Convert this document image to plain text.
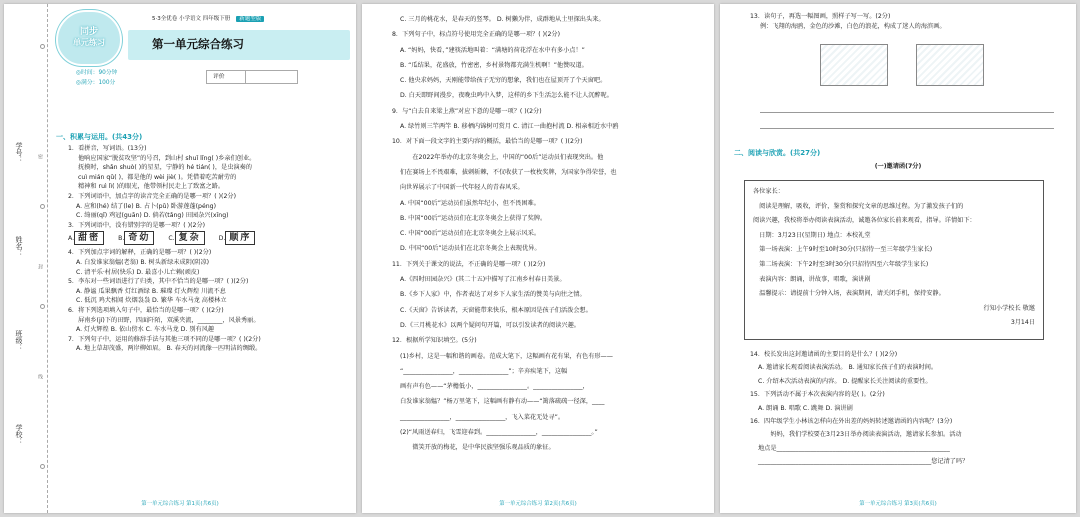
学号：
姓名：
班级：
学校：
密
封
线
同步
单元练习
5·3全优卷 小学语文 四年级下册 新题型版
第一单元综合练习
◎时间：90分钟
◎满分：100分
评价
一、积累与运用。(共43分)
1．看拼音，写词语。(13分)
他响应国家“脱贫攻坚”的号召，到山村 shuǐ lǐng( )乡亲们创业。
抚摸时，shǎn shuò( )的星星，宁静的 hé tián( )，是虫演奏的
cuì mián qǔ( )，都是他的 wèi jiè( )。凭借着吃苦耐劳的
精神和 ruì lì( )的眼光，他带领村民走上了致富之路。
2．下列词语中，加点字的读音完全正确的是哪一项？( )(2分)
A. 应和(hé) 结了(le) B. 占卜(pǔ) 卧游莲蓬(péng)
C. 绮丽(qǐ) 鸡冠(guān) D. 倘若(tǎng) 田园杂兴(xīng)
3．下列词语中，没有错别字的是哪一项？( )(2分)
A. 甜密	B. 奇幼	C. 复杂	D. 顺序
4．下列加点字词的解释，正确的是哪一项？( )(2分)
A. 白发谁家翁媪(老翁) B. 树头新绿未成阴(阴凉)
C. 清平乐·村居(快乐) D. 最喜小儿亡赖(顽皮)
5．李东对一些词语进行了归类，其中不恰当的是哪一项？( )(2分)
A. 静谧 瓜果飘香 灯红酒绿 B. 璀璨 灯火辉煌 川流不息
C. 低沉 鸡犬相闻 炊烟袅袅 D. 繁华 车水马龙 高楼林立
6．将下列选项填入句子中，最恰当的是哪一项？( )(2分)
屏南乡(jí)下的田野，四面阡陌，双溪夹流，________，风景秀丽。
A. 灯火辉煌 B. 依山傍水 C. 车水马龙 D. 别有风趣
7．下列句子中，运用的修辞手法与其他三项不同的是哪一项？( )(2分)
A. 地上草却茂盛，两岸柳如眉。 B. 春天的河流像一匹明洁的绸缎。
第一单元综合练习 第1页(共6页)
C. 三月的桃花水，是春天的竖琴。 D. 树獭为伴，成群地从土里探出头来。
8．下列句子中，标点符号使用完全正确的是哪一项？( )(2分)
A. “妈妈，快看，”建筷活地叫着：“满塘的荷花浮在水中有多小点！”
B. “瓜结果，花盛放，竹密密，乡村景物都充满生机啊！”他赞叹道。
C. 他央求妈妈，天刚能带给孩子无穷的想象，我们也在屋顶开了个天窗吧。
D. 白天即野间漫步，夜晚虫鸣中入梦，这样的乡下生活怎么能不让人沉醉呢。
9．与“白去自来梁上燕”对应下意的是哪一项？( )(2分)
A. 绿竹则三竿两竿 B. 移栖内锦树可赏月 C. 清江一曲抱村流 D. 相亲相近水中鸥
10．对下面一段文字的主要内容的概括，最恰当的是哪一项？( )(2分)
　　在2022年举办的北京冬奥会上，中国的“00后”运动员们表现突出。他
们在赛场上不畏艰难，拔刺斩棘，不仅收获了一枚枚奖牌，为国家争得荣誉，也
向世界展示了中国新一代年轻人的青春风采。
A. 中国“00后”运动员们虽然年纪小，但不畏困难。
B. 中国“00后”运动员们在北京冬奥会上获得了奖牌。
C. 中国“00后”运动员们在北京冬奥会上展示风采。
D. 中国“00后”运动员们在北京冬奥会上表现优异。
11．下列关于课文的说法，不正确的是哪一项？( )(2分)
A.《四时田园杂兴》(其二十五)中描写了江南乡村春日美景。
B.《乡下人家》中，作者表达了对乡下人家生活的赞美与向往之情。
C.《天窗》告诉读者，天窗能带来快乐，根本原因是孩子们活泼会想。
D.《三月桃花水》以两个疑问句开篇，可以引发读者的阅读兴趣。
12．根据所学知识填空。(5分)
(1)乡村，这是一幅和谐的画卷。范成大笔下，这幅画有花有果，有色有形——
“________________，________________”；辛弃疾笔下，这幅
画有声有色——“茅檐低小，________________。________________，
白发谁家翁媪？”杨万里笔下，这幅画有静有动——“篱落疏疏一径深，____
________________，________________，飞入菜花无处寻”。
(2)“风雨送春归，飞雪迎春到。________________，________________。”
　　微笑开放的梅花，是中华民族坚强乐观品质的象征。
第一单元综合练习 第2页(共6页)
13．读句子，再选一幅图画，照样子写一写。(2分)
例：飞翔的海鸥，金色的沙滩，白色的浪花，构成了迷人的海滨画。
二、阅读与欣赏。(共27分)
(一)邀请函(7分)
各位家长：
　阅读是理解，吸收，评价，鉴赏和探究文章的思维过程。为了激发孩子们的
阅读兴趣，我校将举办阅读表演活动，诚邀各位家长前来观看，指导。详情如下：
　日期：3月23日(星期日) 地点：本校礼堂
　第一场表演：上午9时至10时30分(只招待一至三年级学生家长)
　第二场表演：下午2时至3时30分(只招待四至六年级学生家长)
　表演内容：朗诵，讲故事，唱歌，演讲剧
　温馨提示：请提前十分钟入场，表演期间，请关闭手机，保持安静。
行知小学校长 敬邀
3月14日
14．校长发出这封邀请函的主要目的是什么？( )(2分)
A. 邀请家长观看阅读表演活动。 B. 通知家长孩子们的表演时间。
C. 介绍本次活动表演的内容。 D. 提醒家长关注阅读的重要性。
15．下列活动不属于本次表演内容的是( )。(2分)
A. 朗诵 B. 唱歌 C. 跳舞 D. 演讲剧
16．四年级学生小林该怎样向在外出差的妈妈转述邀请函的内容呢？(3分)
　　妈妈，我们学校要在3月23日举办阅读表演活动，邀请家长参加。活动
地点是________________________________________________________
________________________________________________________您记清了吗？
第一单元综合练习 第3页(共6页)
